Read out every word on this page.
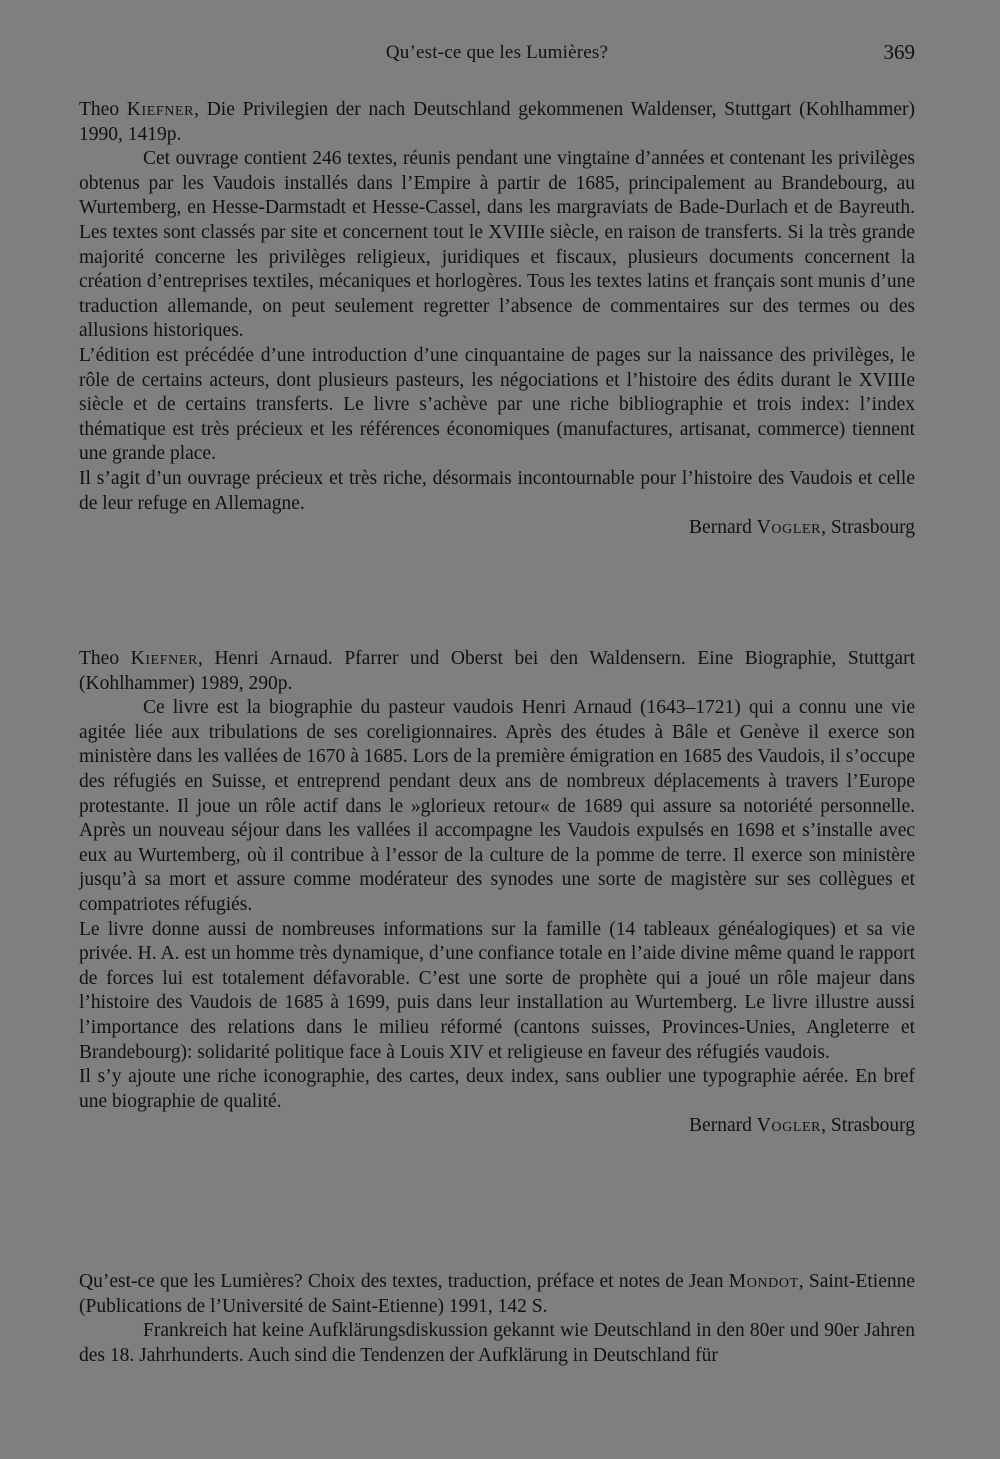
Qu’est-ce que les Lumières?	369

Theo Kiefner, Die Privilegien der nach Deutschland gekommenen Waldenser, Stuttgart (Kohlhammer) 1990, 1419p.

Cet ouvrage contient 246 textes, réunis pendant une vingtaine d’années et contenant les privilèges obtenus par les Vaudois installés dans l’Empire à partir de 1685, principalement au Brandebourg, au Wurtemberg, en Hesse-Darmstadt et Hesse-Cassel, dans les margraviats de Bade-Durlach et de Bayreuth. Les textes sont classés par site et concernent tout le XVIIIe siècle, en raison de transferts. Si la très grande majorité concerne les privilèges religieux, juridiques et fiscaux, plusieurs documents concernent la création d’entreprises textiles, mécaniques et horlogères. Tous les textes latins et français sont munis d’une traduction allemande, on peut seulement regretter l’absence de commentaires sur des termes ou des allusions historiques.

L’édition est précédée d’une introduction d’une cinquantaine de pages sur la naissance des privilèges, le rôle de certains acteurs, dont plusieurs pasteurs, les négociations et l’histoire des édits durant le XVIIIe siècle et de certains transferts. Le livre s’achève par une riche bibliographie et trois index: l’index thématique est très précieux et les références économiques (manufactures, artisanat, commerce) tiennent une grande place.

Il s’agit d’un ouvrage précieux et très riche, désormais incontournable pour l’histoire des Vaudois et celle de leur refuge en Allemagne.

Bernard Vogler, Strasbourg

Theo Kiefner, Henri Arnaud. Pfarrer und Oberst bei den Waldensern. Eine Biographie, Stuttgart (Kohlhammer) 1989, 290p.

Ce livre est la biographie du pasteur vaudois Henri Arnaud (1643–1721) qui a connu une vie agitée liée aux tribulations de ses coreligionnaires. Après des études à Bâle et Genève il exerce son ministère dans les vallées de 1670 à 1685. Lors de la première émigration en 1685 des Vaudois, il s’occupe des réfugiés en Suisse, et entreprend pendant deux ans de nombreux déplacements à travers l’Europe protestante. Il joue un rôle actif dans le »glorieux retour« de 1689 qui assure sa notoriété personnelle. Après un nouveau séjour dans les vallées il accompagne les Vaudois expulsés en 1698 et s’installe avec eux au Wurtemberg, où il contribue à l’essor de la culture de la pomme de terre. Il exerce son ministère jusqu’à sa mort et assure comme modérateur des synodes une sorte de magistère sur ses collègues et compatriotes réfugiés.

Le livre donne aussi de nombreuses informations sur la famille (14 tableaux généalogiques) et sa vie privée. H. A. est un homme très dynamique, d’une confiance totale en l’aide divine même quand le rapport de forces lui est totalement défavorable. C’est une sorte de prophète qui a joué un rôle majeur dans l’histoire des Vaudois de 1685 à 1699, puis dans leur installation au Wurtemberg. Le livre illustre aussi l’importance des relations dans le milieu réformé (cantons suisses, Provinces-Unies, Angleterre et Brandebourg): solidarité politique face à Louis XIV et religieuse en faveur des réfugiés vaudois.

Il s’y ajoute une riche iconographie, des cartes, deux index, sans oublier une typographie aérée. En bref une biographie de qualité.

Bernard Vogler, Strasbourg

Qu’est-ce que les Lumières? Choix des textes, traduction, préface et notes de Jean Mondot, Saint-Etienne (Publications de l’Université de Saint-Etienne) 1991, 142 S.

Frankreich hat keine Aufklärungsdiskussion gekannt wie Deutschland in den 80er und 90er Jahren des 18. Jahrhunderts. Auch sind die Tendenzen der Aufklärung in Deutschland für
